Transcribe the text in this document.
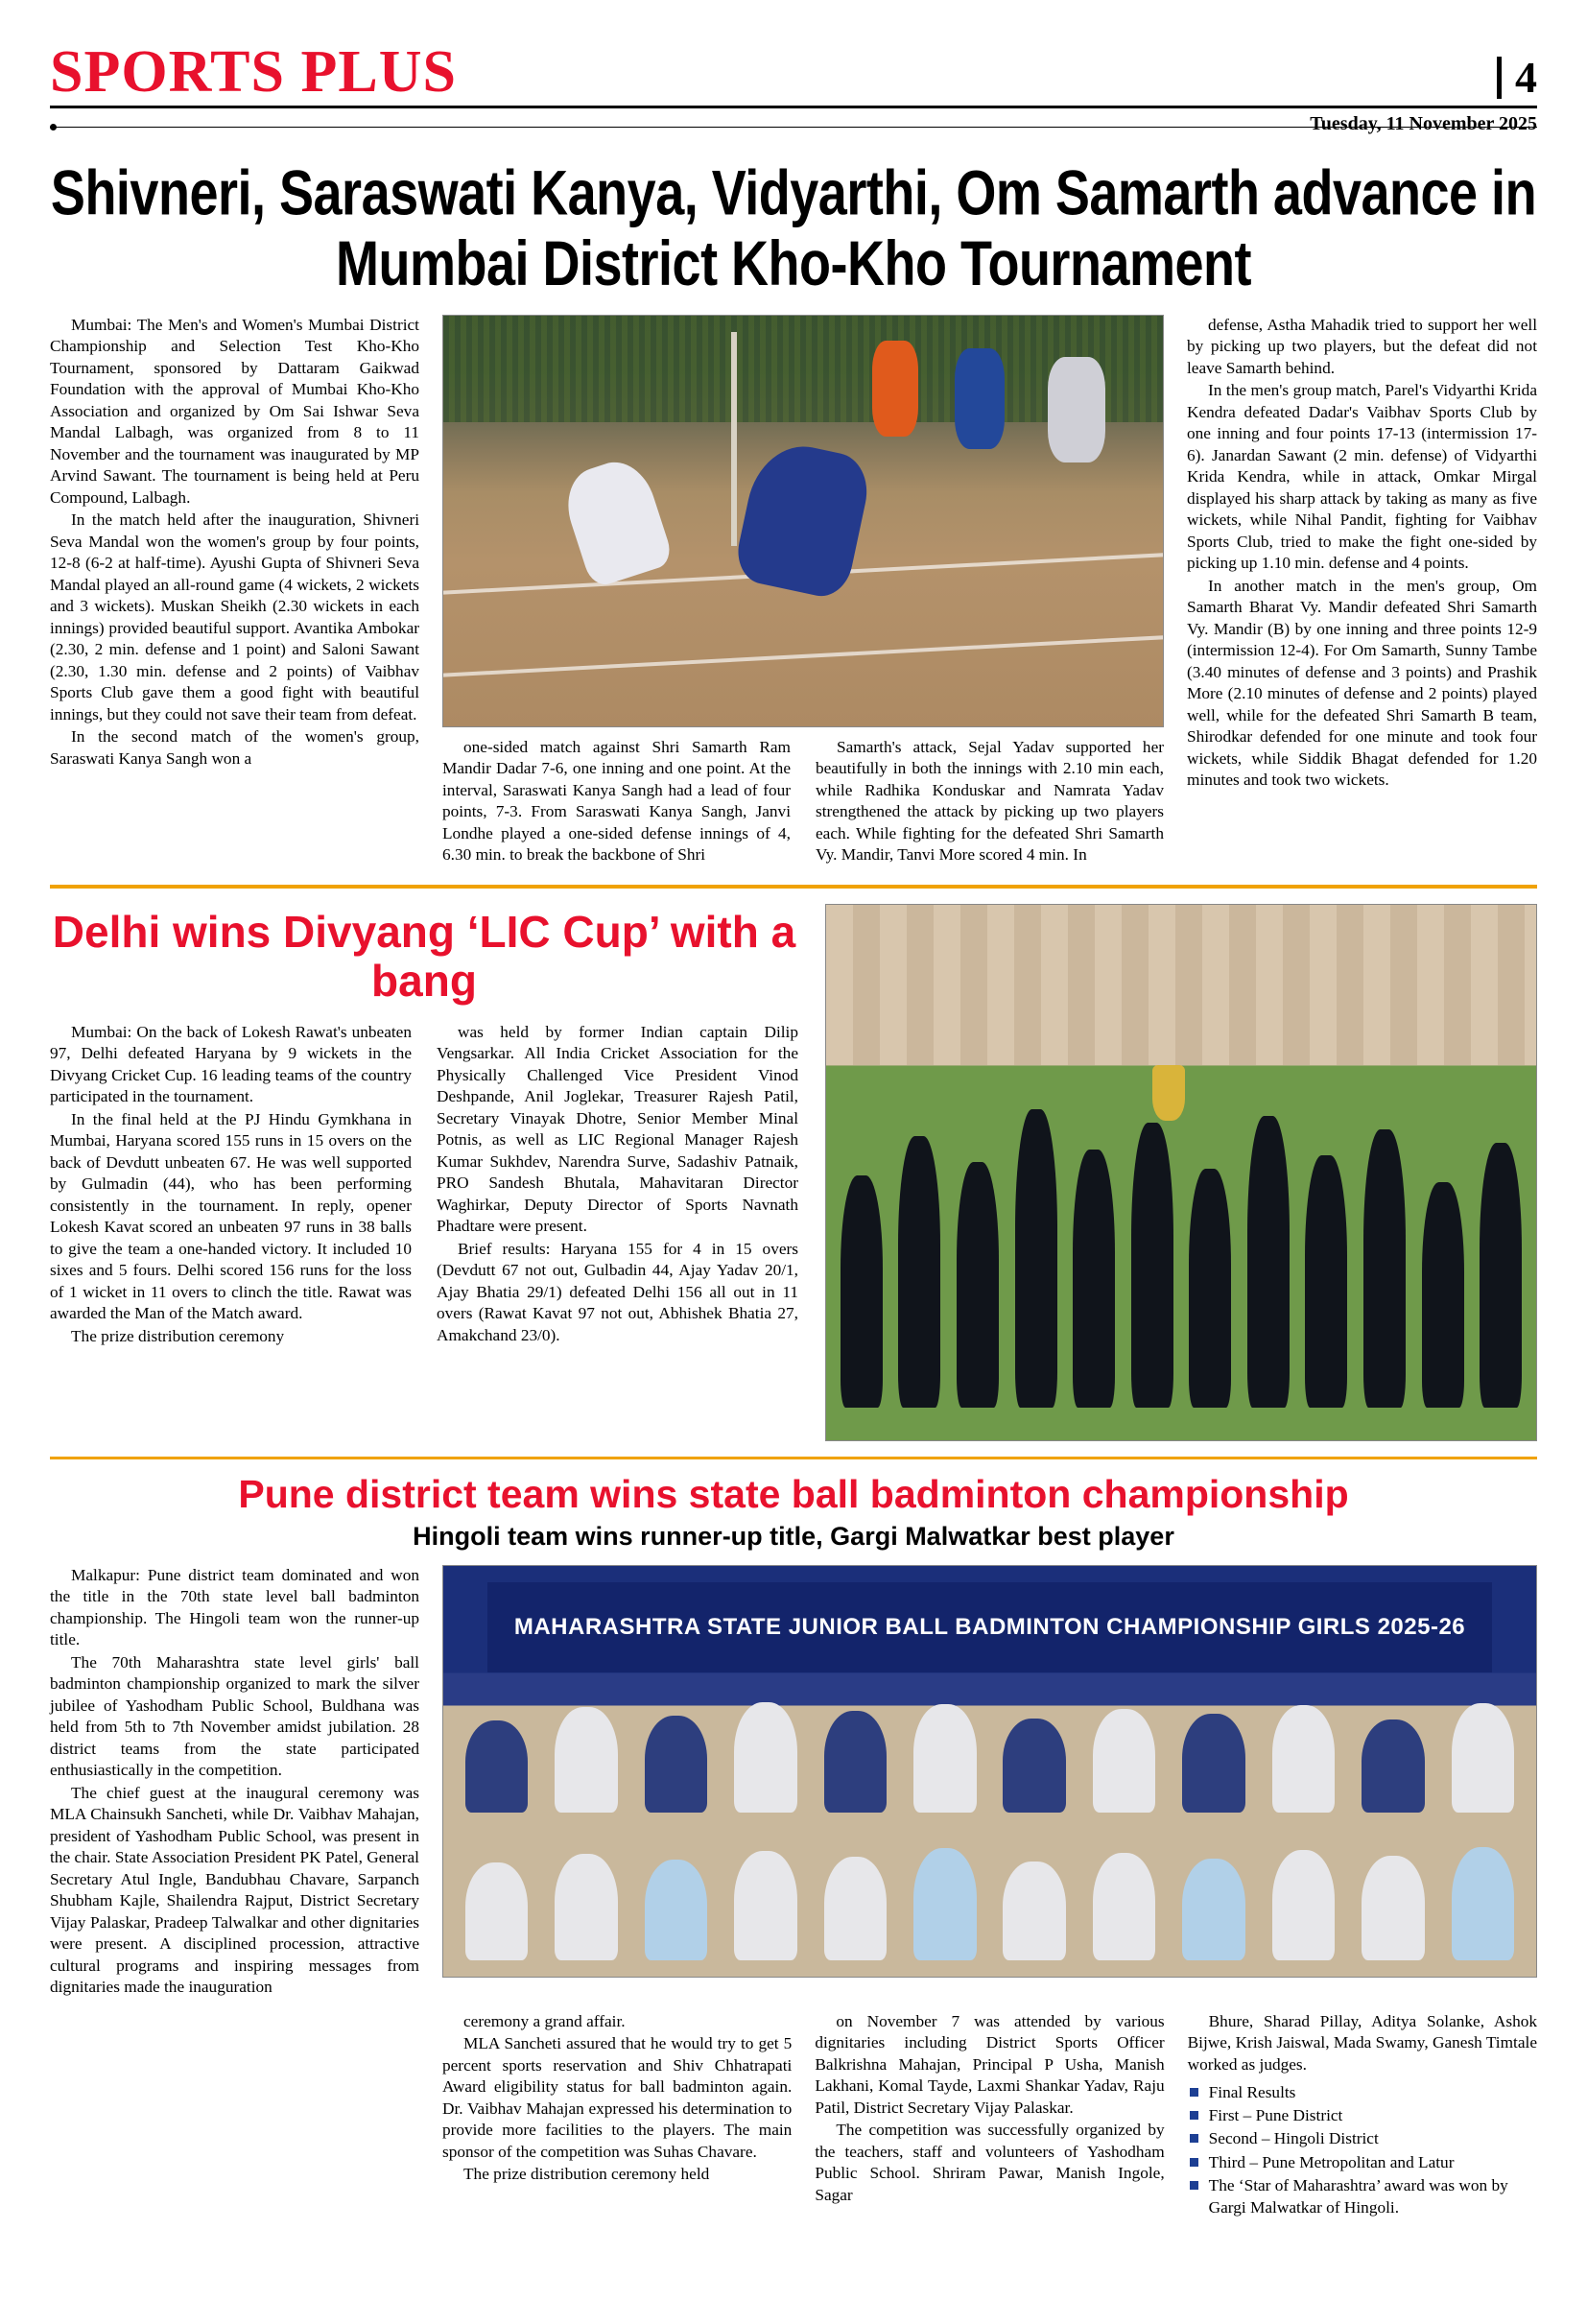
SPORTS PLUS	4
Tuesday, 11 November 2025
Shivneri, Saraswati Kanya, Vidyarthi, Om Samarth advance in Mumbai District Kho-Kho Tournament

Mumbai: The Men's and Women's Mumbai District Championship and Selection Test Kho-Kho Tournament, sponsored by Dattaram Gaikwad Foundation with the approval of Mumbai Kho-Kho Association and organized by Om Sai Ishwar Seva Mandal Lalbagh, was organized from 8 to 11 November and the tournament was inaugurated by MP Arvind Sawant. The tournament is being held at Peru Compound, Lalbagh.

In the match held after the inauguration, Shivneri Seva Mandal won the women's group by four points, 12-8 (6-2 at half-time). Ayushi Gupta of Shivneri Seva Mandal played an all-round game (4 wickets, 2 wickets and 3 wickets). Muskan Sheikh (2.30 wickets in each innings) provided beautiful support. Avantika Ambokar (2.30, 2 min. defense and 1 point) and Saloni Sawant (2.30, 1.30 min. defense and 2 points) of Vaibhav Sports Club gave them a good fight with beautiful innings, but they could not save their team from defeat.

In the second match of the women's group, Saraswati Kanya Sangh won a

one-sided match against Shri Samarth Ram Mandir Dadar 7-6, one inning and one point. At the interval, Saraswati Kanya Sangh had a lead of four points, 7-3. From Saraswati Kanya Sangh, Janvi Londhe played a one-sided defense innings of 4, 6.30 min. to break the backbone of Shri

Samarth's attack, Sejal Yadav supported her beautifully in both the innings with 2.10 min each, while Radhika Konduskar and Namrata Yadav strengthened the attack by picking up two players each. While fighting for the defeated Shri Samarth Vy. Mandir, Tanvi More scored 4 min. In

defense, Astha Mahadik tried to support her well by picking up two players, but the defeat did not leave Samarth behind.

In the men's group match, Parel's Vidyarthi Krida Kendra defeated Dadar's Vaibhav Sports Club by one inning and four points 17-13 (intermission 17-6). Janardan Sawant (2 min. defense) of Vidyarthi Krida Kendra, while in attack, Omkar Mirgal displayed his sharp attack by taking as many as five wickets, while Nihal Pandit, fighting for Vaibhav Sports Club, tried to make the fight one-sided by picking up 1.10 min. defense and 4 points.

In another match in the men's group, Om Samarth Bharat Vy. Mandir defeated Shri Samarth Vy. Mandir (B) by one inning and three points 12-9 (intermission 12-4). For Om Samarth, Sunny Tambe (3.40 minutes of defense and 3 points) and Prashik More (2.10 minutes of defense and 2 points) played well, while for the defeated Shri Samarth B team, Shirodkar defended for one minute and took four wickets, while Siddik Bhagat defended for 1.20 minutes and took two wickets.

Delhi wins Divyang ‘LIC Cup’ with a bang

Mumbai: On the back of Lokesh Rawat's unbeaten 97, Delhi defeated Haryana by 9 wickets in the Divyang Cricket Cup. 16 leading teams of the country participated in the tournament.

In the final held at the PJ Hindu Gymkhana in Mumbai, Haryana scored 155 runs in 15 overs on the back of Devdutt unbeaten 67. He was well supported by Gulmadin (44), who has been performing consistently in the tournament. In reply, opener Lokesh Kavat scored an unbeaten 97 runs in 38 balls to give the team a one-handed victory. It included 10 sixes and 5 fours. Delhi scored 156 runs for the loss of 1 wicket in 11 overs to clinch the title. Rawat was awarded the Man of the Match award.

The prize distribution ceremony

was held by former Indian captain Dilip Vengsarkar. All India Cricket Association for the Physically Challenged Vice President Vinod Deshpande, Anil Joglekar, Treasurer Rajesh Patil, Secretary Vinayak Dhotre, Senior Member Minal Potnis, as well as LIC Regional Manager Rajesh Kumar Sukhdev, Narendra Surve, Sadashiv Patnaik, PRO Sandesh Bhutala, Mahavitaran Director Waghirkar, Deputy Director of Sports Navnath Phadtare were present.

Brief results: Haryana 155 for 4 in 15 overs (Devdutt 67 not out, Gulbadin 44, Ajay Yadav 20/1, Ajay Bhatia 29/1) defeated Delhi 156 all out in 11 overs (Rawat Kavat 97 not out, Abhishek Bhatia 27, Amakchand 23/0).

Pune district team wins state ball badminton championship
Hingoli team wins runner-up title, Gargi Malwatkar best player

Malkapur: Pune district team dominated and won the title in the 70th state level ball badminton championship. The Hingoli team won the runner-up title.

The 70th Maharashtra state level girls' ball badminton championship organized to mark the silver jubilee of Yashodham Public School, Buldhana was held from 5th to 7th November amidst jubilation. 28 district teams from the state participated enthusiastically in the competition.

The chief guest at the inaugural ceremony was MLA Chainsukh Sancheti, while Dr. Vaibhav Mahajan, president of Yashodham Public School, was present in the chair. State Association President PK Patel, General Secretary Atul Ingle, Bandubhau Chavare, Sarpanch Shubham Kajle, Shailendra Rajput, District Secretary Vijay Palaskar, Pradeep Talwalkar and other dignitaries were present. A disciplined procession, attractive cultural programs and inspiring messages from dignitaries made the inauguration

MAHARASHTRA STATE JUNIOR BALL BADMINTON CHAMPIONSHIP GIRLS 2025-26

ceremony a grand affair.

MLA Sancheti assured that he would try to get 5 percent sports reservation and Shiv Chhatrapati Award eligibility status for ball badminton again. Dr. Vaibhav Mahajan expressed his determination to provide more facilities to the players. The main sponsor of the competition was Suhas Chavare.

The prize distribution ceremony held

on November 7 was attended by various dignitaries including District Sports Officer Balkrishna Mahajan, Principal P Usha, Manish Lakhani, Komal Tayde, Laxmi Shankar Yadav, Raju Patil, District Secretary Vijay Palaskar.

The competition was successfully organized by the teachers, staff and volunteers of Yashodham Public School. Shriram Pawar, Manish Ingole, Sagar

Bhure, Sharad Pillay, Aditya Solanke, Ashok Bijwe, Krish Jaiswal, Mada Swamy, Ganesh Timtale worked as judges.

Final Results
First – Pune District
Second – Hingoli District
Third – Pune Metropolitan and Latur
The ‘Star of Maharashtra’ award was won by Gargi Malwatkar of Hingoli.
